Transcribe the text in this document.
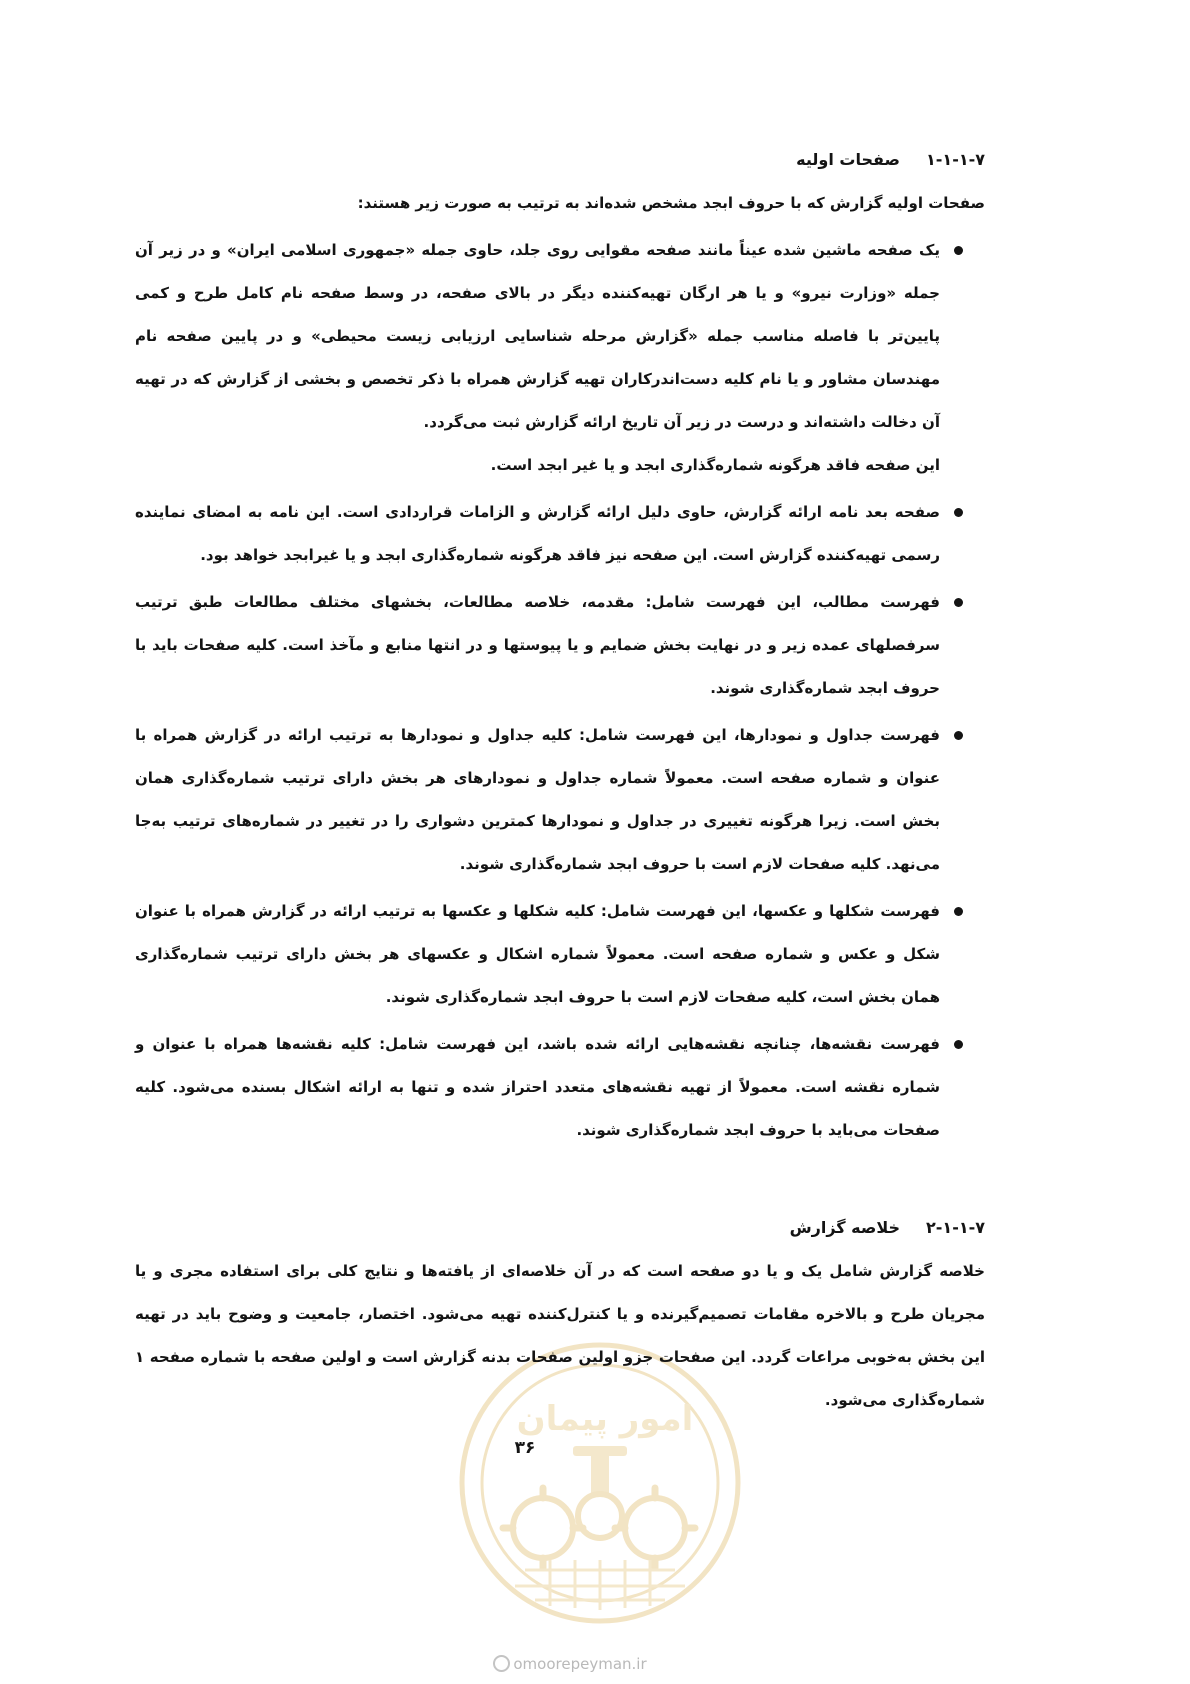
امور پیمان
۱-۱-۱-۷
صفحات اولیه

صفحات اولیه گزارش که با حروف ابجد مشخص شده‌اند به ترتیب به صورت زیر هستند:

یک صفحه ماشین شده عیناً مانند صفحه مقوایی روی جلد، حاوی جمله «جمهوری اسلامی ایران» و در زیر آن جمله «وزارت نیرو» و یا هر ارگان تهیه‌کننده دیگر در بالای صفحه، در وسط صفحه نام کامل طرح و کمی پایین‌تر با فاصله مناسب جمله «گزارش مرحله شناسایی ارزیابی زیست محیطی» و در پایین صفحه نام مهندسان مشاور و یا نام کلیه دست‌اندرکاران تهیه گزارش همراه با ذکر تخصص و بخشی از گزارش که در تهیه آن دخالت داشته‌اند و درست در زیر آن تاریخ ارائه گزارش ثبت می‌گردد.

این صفحه فاقد هرگونه شماره‌گذاری ابجد و یا غیر ابجد است.

صفحه بعد نامه ارائه گزارش، حاوی دلیل ارائه گزارش و الزامات قراردادی است. این نامه به امضای نماینده رسمی تهیه‌کننده گزارش است. این صفحه نیز فاقد هرگونه شماره‌گذاری ابجد و یا غیرابجد خواهد بود.

فهرست مطالب، این فهرست شامل: مقدمه، خلاصه مطالعات، بخشهای مختلف مطالعات طبق ترتیب سرفصلهای عمده زیر و در نهایت بخش ضمایم و یا پیوستها و در انتها منابع و مآخذ است. کلیه صفحات باید با حروف ابجد شماره‌گذاری شوند.

فهرست جداول و نمودارها، این فهرست شامل: کلیه جداول و نمودارها به ترتیب ارائه در گزارش همراه با عنوان و شماره صفحه است. معمولاً شماره جداول و نمودارهای هر بخش دارای ترتیب شماره‌گذاری همان بخش است. زیرا هرگونه تغییری در جداول و نمودارها کمترین دشواری را در تغییر در شماره‌های ترتیب به‌جا می‌نهد. کلیه صفحات لازم است با حروف ابجد شماره‌گذاری شوند.

فهرست شکلها و عکسها، این فهرست شامل: کلیه شکلها و عکسها به ترتیب ارائه در گزارش همراه با عنوان شکل و عکس و شماره صفحه است. معمولاً شماره اشکال و عکسهای هر بخش دارای ترتیب شماره‌گذاری همان بخش است، کلیه صفحات لازم است با حروف ابجد شماره‌گذاری شوند.

فهرست نقشه‌ها، چنانچه نقشه‌هایی ارائه شده باشد، این فهرست شامل: کلیه نقشه‌ها همراه با عنوان و شماره نقشه است. معمولاً از تهیه نقشه‌های متعدد احتراز شده و تنها به ارائه اشکال بسنده می‌شود. کلیه صفحات می‌باید با حروف ابجد شماره‌گذاری شوند.

۲-۱-۱-۷
خلاصه گزارش

خلاصه گزارش شامل یک و یا دو صفحه است که در آن خلاصه‌ای از یافته‌ها و نتایج کلی برای استفاده مجری و یا مجریان طرح و بالاخره مقامات تصمیم‌گیرنده و یا کنترل‌کننده تهیه می‌شود. اختصار، جامعیت و وضوح باید در تهیه این بخش به‌خوبی مراعات گردد. این صفحات جزو اولین صفحات بدنه گزارش است و اولین صفحه با شماره صفحه ۱ شماره‌گذاری می‌شود.

۳۶
omoorepeyman.ir
